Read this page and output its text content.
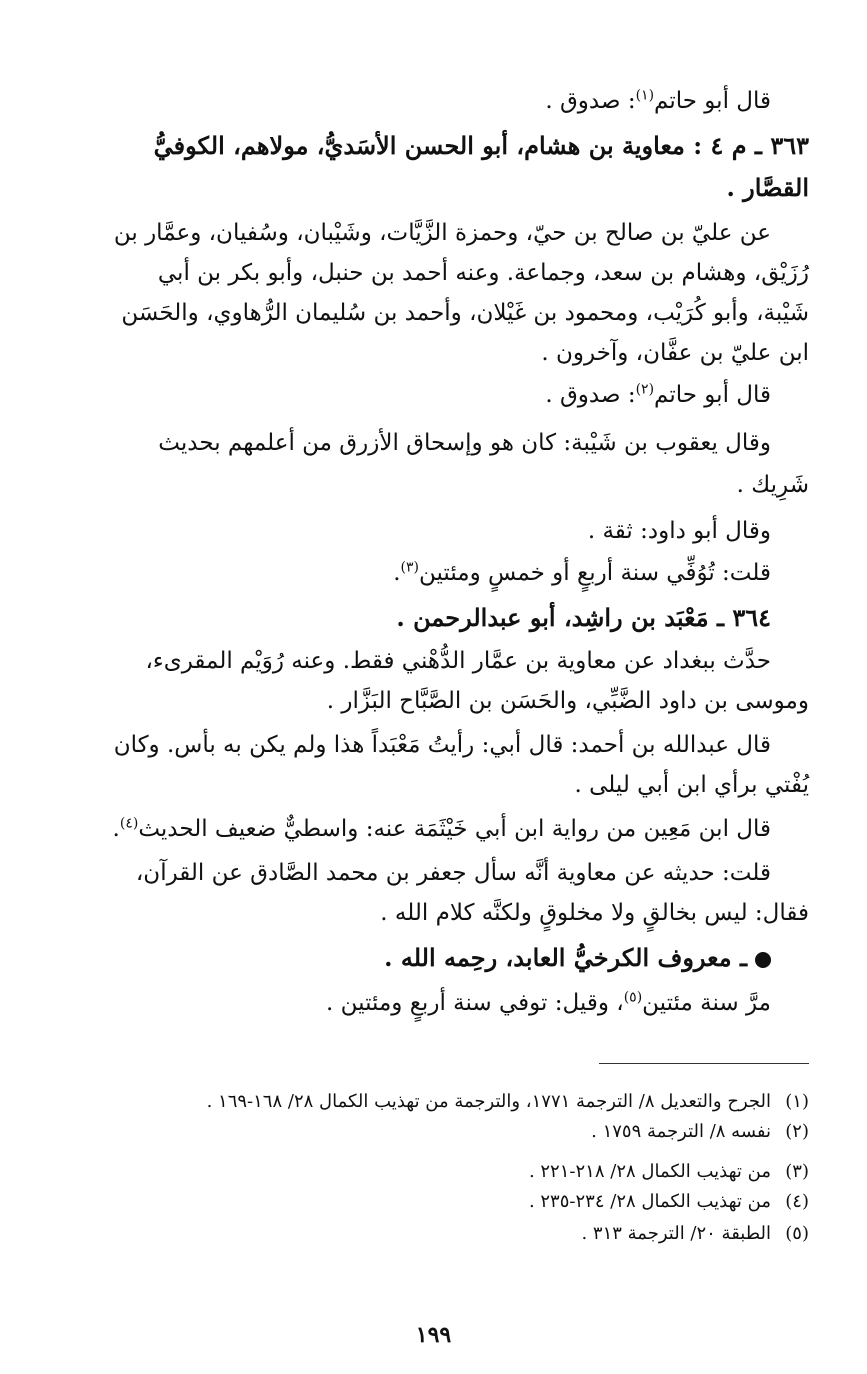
قال أبو حاتم$^{(١)}$: صدوق .
٣٦٣ ـ م ٤ : معاوية بن هشام، أبو الحسن الأسَديُّ، مولاهم، الكوفيُّ
القصَّار .
عن عليّ بن صالح بن حيّ، وحمزة الزَّيَّات، وشَيْبان، وسُفيان، وعمَّار بن
رُزَيْق، وهشام بن سعد، وجماعة. وعنه أحمد بن حنبل، وأبو بكر بن أبي
شَيْبة، وأبو كُرَيْب، ومحمود بن غَيْلان، وأحمد بن سُليمان الرُّهاوي، والحَسَن
ابن عليّ بن عفَّان، وآخرون .
قال أبو حاتم$^{(٢)}$: صدوق .
وقال يعقوب بن شَيْبة: كان هو وإسحاق الأزرق من أعلمهم بحديث
شَرِيك .
وقال أبو داود: ثقة .
قلت: تُوُفِّي سنة أربعٍ أو خمسٍ ومئتين$^{(٣)}$.
٣٦٤ ـ مَعْبَد بن راشِد، أبو عبدالرحمن .
حدَّث ببغداد عن معاوية بن عمَّار الدُّهْني فقط. وعنه رُوَيْم المقرىء،
وموسى بن داود الضَّبِّي، والحَسَن بن الصَّبَّاح البَزَّار .
قال عبدالله بن أحمد: قال أبي: رأيتُ مَعْبَداً هذا ولم يكن به بأس. وكان
يُفْتي برأي ابن أبي ليلى .
قال ابن مَعِين من رواية ابن أبي خَيْثَمَة عنه: واسطيٌّ ضعيف الحديث$^{(٤)}$.
قلت: حديثه عن معاوية أنَّه سأل جعفر بن محمد الصَّادق عن القرآن،
فقال: ليس بخالقٍ ولا مخلوقٍ ولكنَّه كلام الله .
ـ معروف الكرخيُّ العابد، رحِمه الله .
مرَّ سنة مئتين$^{(٥)}$، وقيل: توفي سنة أربعٍ ومئتين .
(١)الجرح والتعديل ٨/ الترجمة ١٧٧١، والترجمة من تهذيب الكمال ٢٨/ ١٦٨-١٦٩ .
(٢)نفسه ٨/ الترجمة ١٧٥٩ .
(٣)من تهذيب الكمال ٢٨/ ٢١٨-٢٢١ .
(٤)من تهذيب الكمال ٢٨/ ٢٣٤-٢٣٥ .
(٥)الطبقة ٢٠/ الترجمة ٣١٣ .
١٩٩
